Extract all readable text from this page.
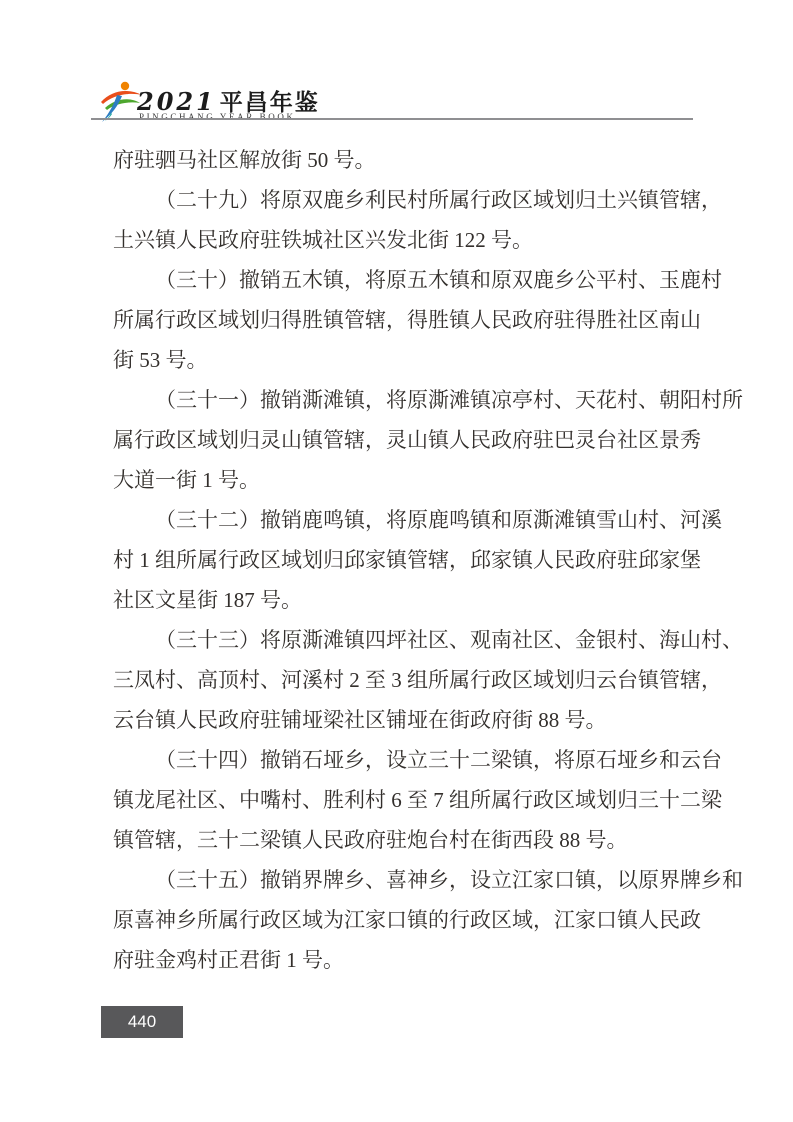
2021 平昌年鉴
PINGCHANG YEAR BOOK
府驻驷马社区解放街 50 号。
（二十九）将原双鹿乡利民村所属行政区域划归土兴镇管辖，
土兴镇人民政府驻铁城社区兴发北街 122 号。
（三十）撤销五木镇，将原五木镇和原双鹿乡公平村、玉鹿村
所属行政区域划归得胜镇管辖，得胜镇人民政府驻得胜社区南山
街 53 号。
（三十一）撤销澌滩镇，将原澌滩镇凉亭村、天花村、朝阳村所
属行政区域划归灵山镇管辖，灵山镇人民政府驻巴灵台社区景秀
大道一街 1 号。
（三十二）撤销鹿鸣镇，将原鹿鸣镇和原澌滩镇雪山村、河溪
村 1 组所属行政区域划归邱家镇管辖，邱家镇人民政府驻邱家堡
社区文星街 187 号。
（三十三）将原澌滩镇四坪社区、观南社区、金银村、海山村、
三凤村、高顶村、河溪村 2 至 3 组所属行政区域划归云台镇管辖，
云台镇人民政府驻铺垭梁社区铺垭在街政府街 88 号。
（三十四）撤销石垭乡，设立三十二梁镇，将原石垭乡和云台
镇龙尾社区、中嘴村、胜利村 6 至 7 组所属行政区域划归三十二梁
镇管辖，三十二梁镇人民政府驻炮台村在街西段 88 号。
（三十五）撤销界牌乡、喜神乡，设立江家口镇，以原界牌乡和
原喜神乡所属行政区域为江家口镇的行政区域，江家口镇人民政
府驻金鸡村正君街 1 号。
440
